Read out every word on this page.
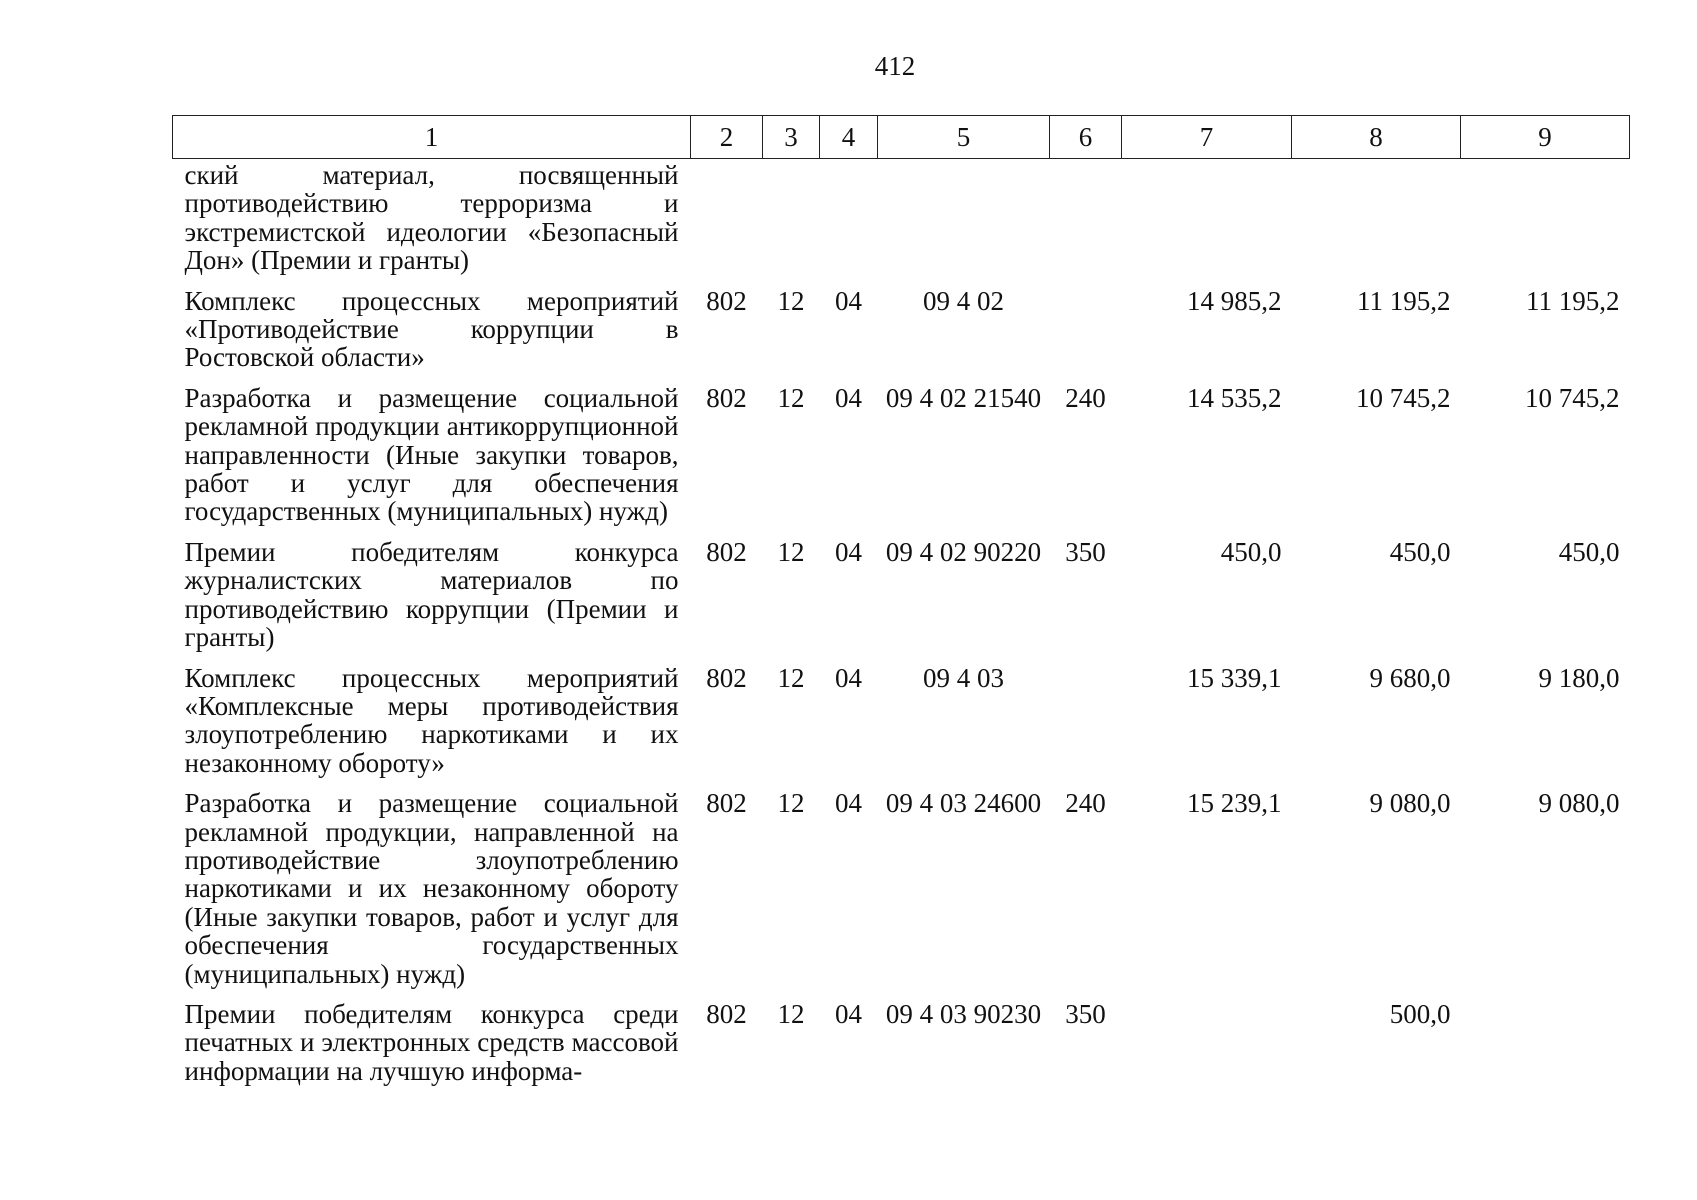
412
1	2	3	4	5	6	7	8	9
ский материал, посвященный противодействию терроризма и экстремистской идеологии «Безопасный Дон» (Премии и гранты)								
Комплекс процессных мероприятий «Противодействие коррупции в Ростовской области»	802	12	04	09 4 02		14 985,2	11 195,2	11 195,2
Разработка и размещение социальной рекламной продукции антикоррупционной направленности (Иные закупки товаров, работ и услуг для обеспечения государственных (муниципальных) нужд)	802	12	04	09 4 02 21540	240	14 535,2	10 745,2	10 745,2
Премии победителям конкурса журналистских материалов по противодействию коррупции (Премии и гранты)	802	12	04	09 4 02 90220	350	450,0	450,0	450,0
Комплекс процессных мероприятий «Комплексные меры противодействия злоупотреблению наркотиками и их незаконному обороту»	802	12	04	09 4 03		15 339,1	9 680,0	9 180,0
Разработка и размещение социальной рекламной продукции, направленной на противодействие злоупотреблению наркотиками и их незаконному обороту (Иные закупки товаров, работ и услуг для обеспечения государственных (муниципальных) нужд)	802	12	04	09 4 03 24600	240	15 239,1	9 080,0	9 080,0
Премии победителям конкурса среди печатных и электронных средств массовой информации на лучшую информа-	802	12	04	09 4 03 90230	350		500,0	
